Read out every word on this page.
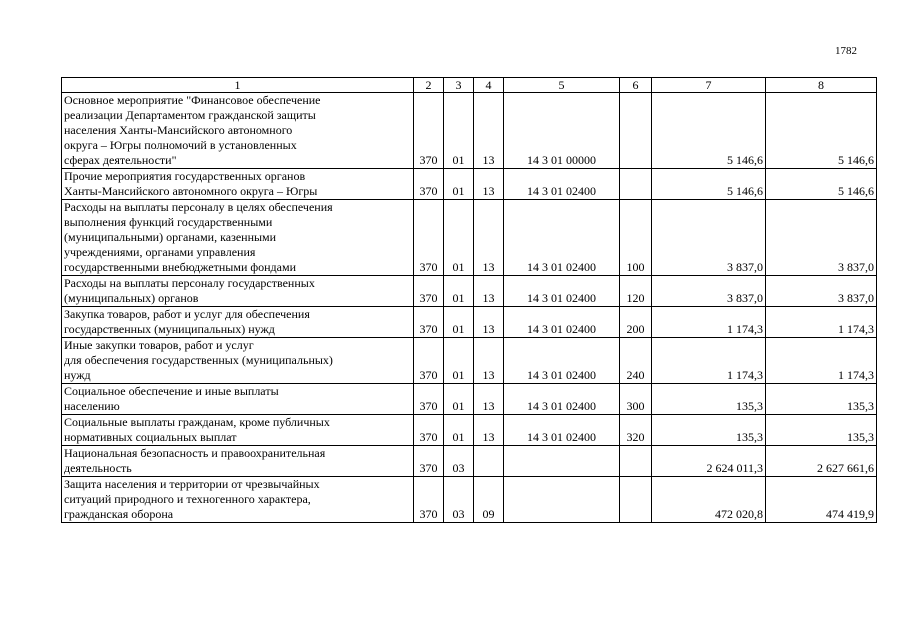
1782
1	2	3	4	5	6	7	8
Основное мероприятие "Финансовое обеспечение
реализации Департаментом гражданской защиты
населения Ханты-Мансийского автономного
округа – Югры полномочий в установленных
сферах деятельности"	370	01	13	14 3 01 00000		5 146,6	5 146,6
Прочие мероприятия государственных органов
Ханты-Мансийского автономного округа – Югры	370	01	13	14 3 01 02400		5 146,6	5 146,6
Расходы на выплаты персоналу в целях обеспечения
выполнения функций государственными
(муниципальными) органами, казенными
учреждениями, органами управления
государственными внебюджетными фондами	370	01	13	14 3 01 02400	100	3 837,0	3 837,0
Расходы на выплаты персоналу государственных
(муниципальных) органов	370	01	13	14 3 01 02400	120	3 837,0	3 837,0
Закупка товаров, работ и услуг для обеспечения
государственных (муниципальных) нужд	370	01	13	14 3 01 02400	200	1 174,3	1 174,3
Иные закупки товаров, работ и услуг
для обеспечения государственных (муниципальных)
нужд	370	01	13	14 3 01 02400	240	1 174,3	1 174,3
Социальное обеспечение и иные выплаты
населению	370	01	13	14 3 01 02400	300	135,3	135,3
Социальные выплаты гражданам, кроме публичных
нормативных социальных выплат	370	01	13	14 3 01 02400	320	135,3	135,3
Национальная безопасность и правоохранительная
деятельность	370	03				2 624 011,3	2 627 661,6
Защита населения и территории от чрезвычайных
ситуаций природного и техногенного характера,
гражданская оборона	370	03	09			472 020,8	474 419,9
